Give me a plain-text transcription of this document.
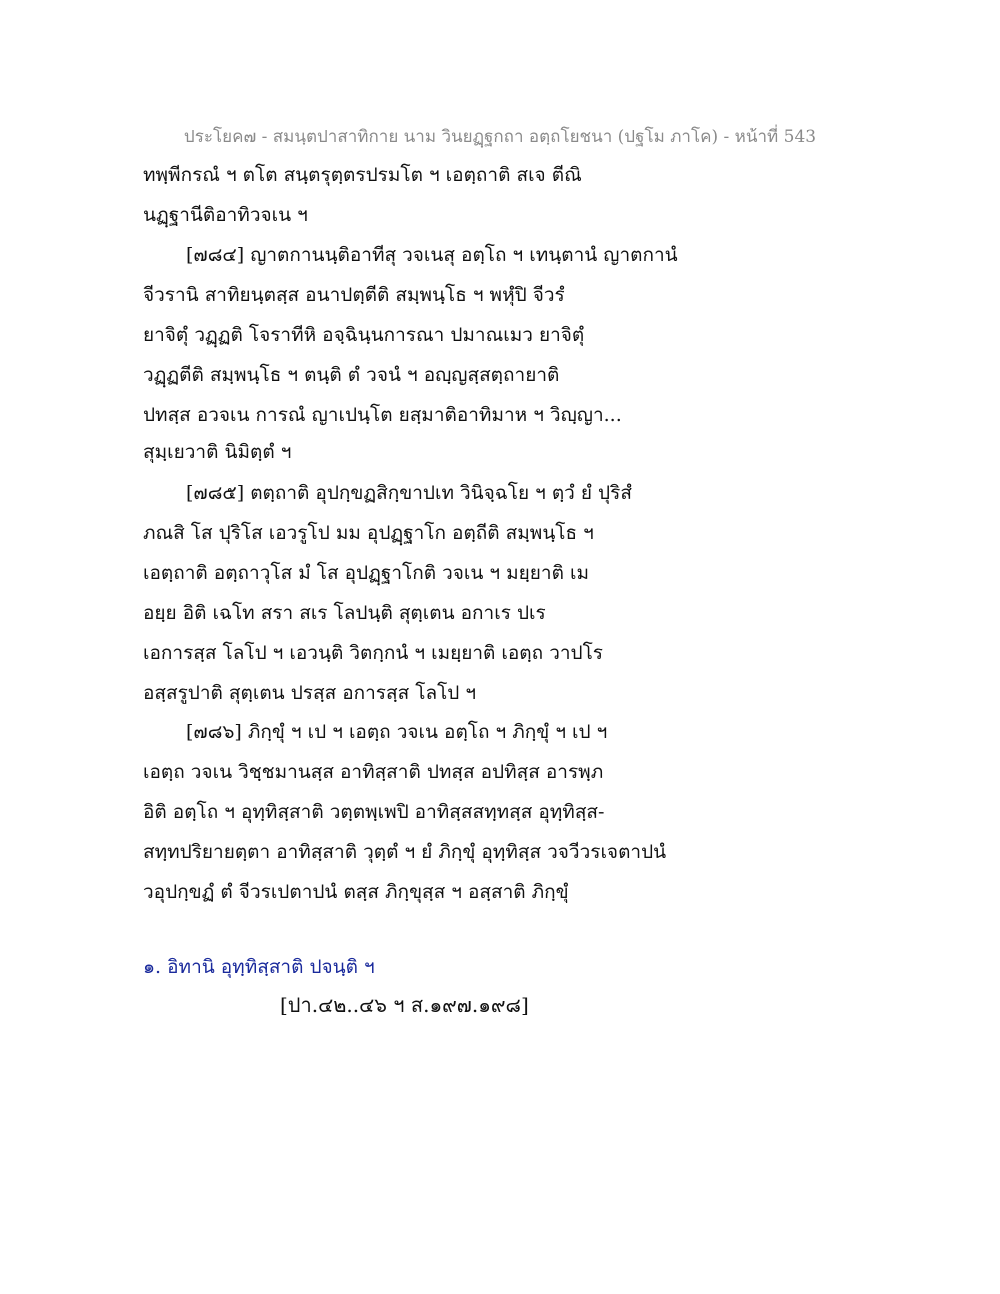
ประโยค๗ - สมนฺตปาสาทิกาย นาม วินยฏฺฐกถา อตฺถโยชนา (ปฐโม ภาโค) - หน้าที่ 543
ทพฺพีกรณํ ฯ ตโต สนฺตรุตฺตรปรมโต ฯ เอตฺถาติ สเจ ตีณิ
นฏฺฐานีติอาทิวจเน ฯ
[๗๘๔] ญาตกานนฺติอาทีสุ วจเนสุ อตฺโถ ฯ เทนฺตานํ ญาตกานํ
จีวรานิ สาทิยนฺตสฺส อนาปตฺตีติ สมฺพนฺโธ ฯ พหุํปิ จีวรํ
ยาจิตุํ วฏฺฏติ โจราทีหิ อจฺฉินฺนการณา ปมาณเมว ยาจิตุํ
วฏฺฏตีติ สมฺพนฺโธ ฯ ตนฺติ ตํ วจนํ ฯ อญฺญสฺสตฺถายาติ
ปทสฺส อวจเน การณํ ญาเปนฺโต ยสฺมาติอาทิมาห ฯ วิญฺญา...
สุมฺเยวาติ นิมิตฺตํ ฯ
[๗๘๕] ตตฺถาติ อุปกฺขฏสิกฺขาปเท วินิจฺฉโย ฯ ตฺวํ ยํ ปุริสํ
ภณสิ โส ปุริโส เอวรูโป มม อุปฏฺฐาโก อตฺถีติ สมฺพนฺโธ ฯ
เอตฺถาติ อตฺถาวุโส มํ โส อุปฏฺฐาโกติ วจเน ฯ มยฺยาติ เม
อยฺย อิติ เฉโท สรา สเร โลปนฺติ สุตฺเตน อกาเร ปเร
เอการสฺส โลโป ฯ เอวนฺติ วิตกฺกนํ ฯ เมยฺยาติ เอตฺถ วาปโร
อสฺสรูปาติ สุตฺเตน ปรสฺส อการสฺส โลโป ฯ
[๗๘๖] ภิกฺขุํ ฯ เป ฯ เอตฺถ วจเน อตฺโถ ฯ ภิกฺขุํ ฯ เป ฯ
เอตฺถ วจเน วิชฺชมานสฺส อาทิสฺสาติ ปทสฺส อปทิสฺส อารพฺภ
อิติ อตฺโถ ฯ อุทฺทิสฺสาติ วตฺตพฺเพปิ อาทิสฺสสทฺทสฺส อุทฺทิสฺส-
สทฺทปริยายตฺตา อาทิสฺสาติ วุตฺตํ ฯ ยํ ภิกฺขุํ อุทฺทิสฺส วจวีวรเจตาปนํ
วอุปกฺขฏํ ตํ จีวรเปตาปนํ ตสฺส ภิกฺขุสฺส ฯ อสฺสาติ ภิกฺขุํ
๑. อิทานิ อุทฺทิสฺสาติ ปจนฺติ ฯ
[ปา.๔๒..๔๖ ฯ ส.๑๙๗.๑๙๘]
